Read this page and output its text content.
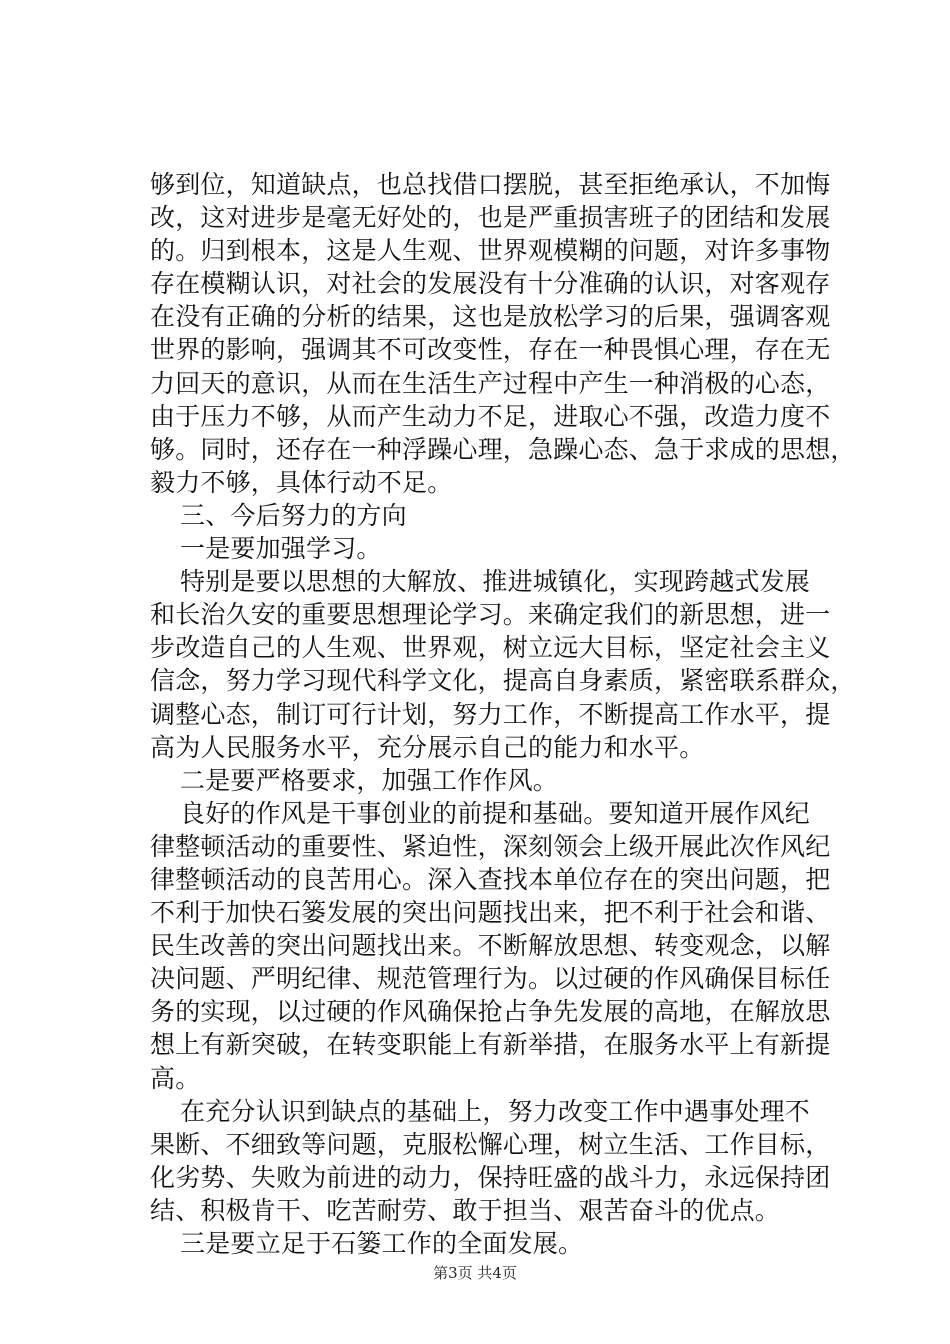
够到位，知道缺点，也总找借口摆脱，甚至拒绝承认，不加悔
改，这对进步是毫无好处的，也是严重损害班子的团结和发展
的。归到根本，这是人生观、世界观模糊的问题，对许多事物
存在模糊认识，对社会的发展没有十分准确的认识，对客观存
在没有正确的分析的结果，这也是放松学习的后果，强调客观
世界的影响，强调其不可改变性，存在一种畏惧心理，存在无
力回天的意识，从而在生活生产过程中产生一种消极的心态，
由于压力不够，从而产生动力不足，进取心不强，改造力度不
够。同时，还存在一种浮躁心理，急躁心态、急于求成的思想，
毅力不够，具体行动不足。
三、今后努力的方向
一是要加强学习。
特别是要以思想的大解放、推进城镇化，实现跨越式发展
和长治久安的重要思想理论学习。来确定我们的新思想，进一
步改造自己的人生观、世界观，树立远大目标，坚定社会主义
信念，努力学习现代科学文化，提高自身素质，紧密联系群众，
调整心态，制订可行计划，努力工作，不断提高工作水平，提
高为人民服务水平，充分展示自己的能力和水平。
二是要严格要求，加强工作作风。
良好的作风是干事创业的前提和基础。要知道开展作风纪
律整顿活动的重要性、紧迫性，深刻领会上级开展此次作风纪
律整顿活动的良苦用心。深入查找本单位存在的突出问题，把
不利于加快石篓发展的突出问题找出来，把不利于社会和谐、
民生改善的突出问题找出来。不断解放思想、转变观念，以解
决问题、严明纪律、规范管理行为。以过硬的作风确保目标任
务的实现，以过硬的作风确保抢占争先发展的高地，在解放思
想上有新突破，在转变职能上有新举措，在服务水平上有新提
高。
在充分认识到缺点的基础上，努力改变工作中遇事处理不
果断、不细致等问题，克服松懈心理，树立生活、工作目标，
化劣势、失败为前进的动力，保持旺盛的战斗力，永远保持团
结、积极肯干、吃苦耐劳、敢于担当、艰苦奋斗的优点。
三是要立足于石篓工作的全面发展。
第3页 共4页
